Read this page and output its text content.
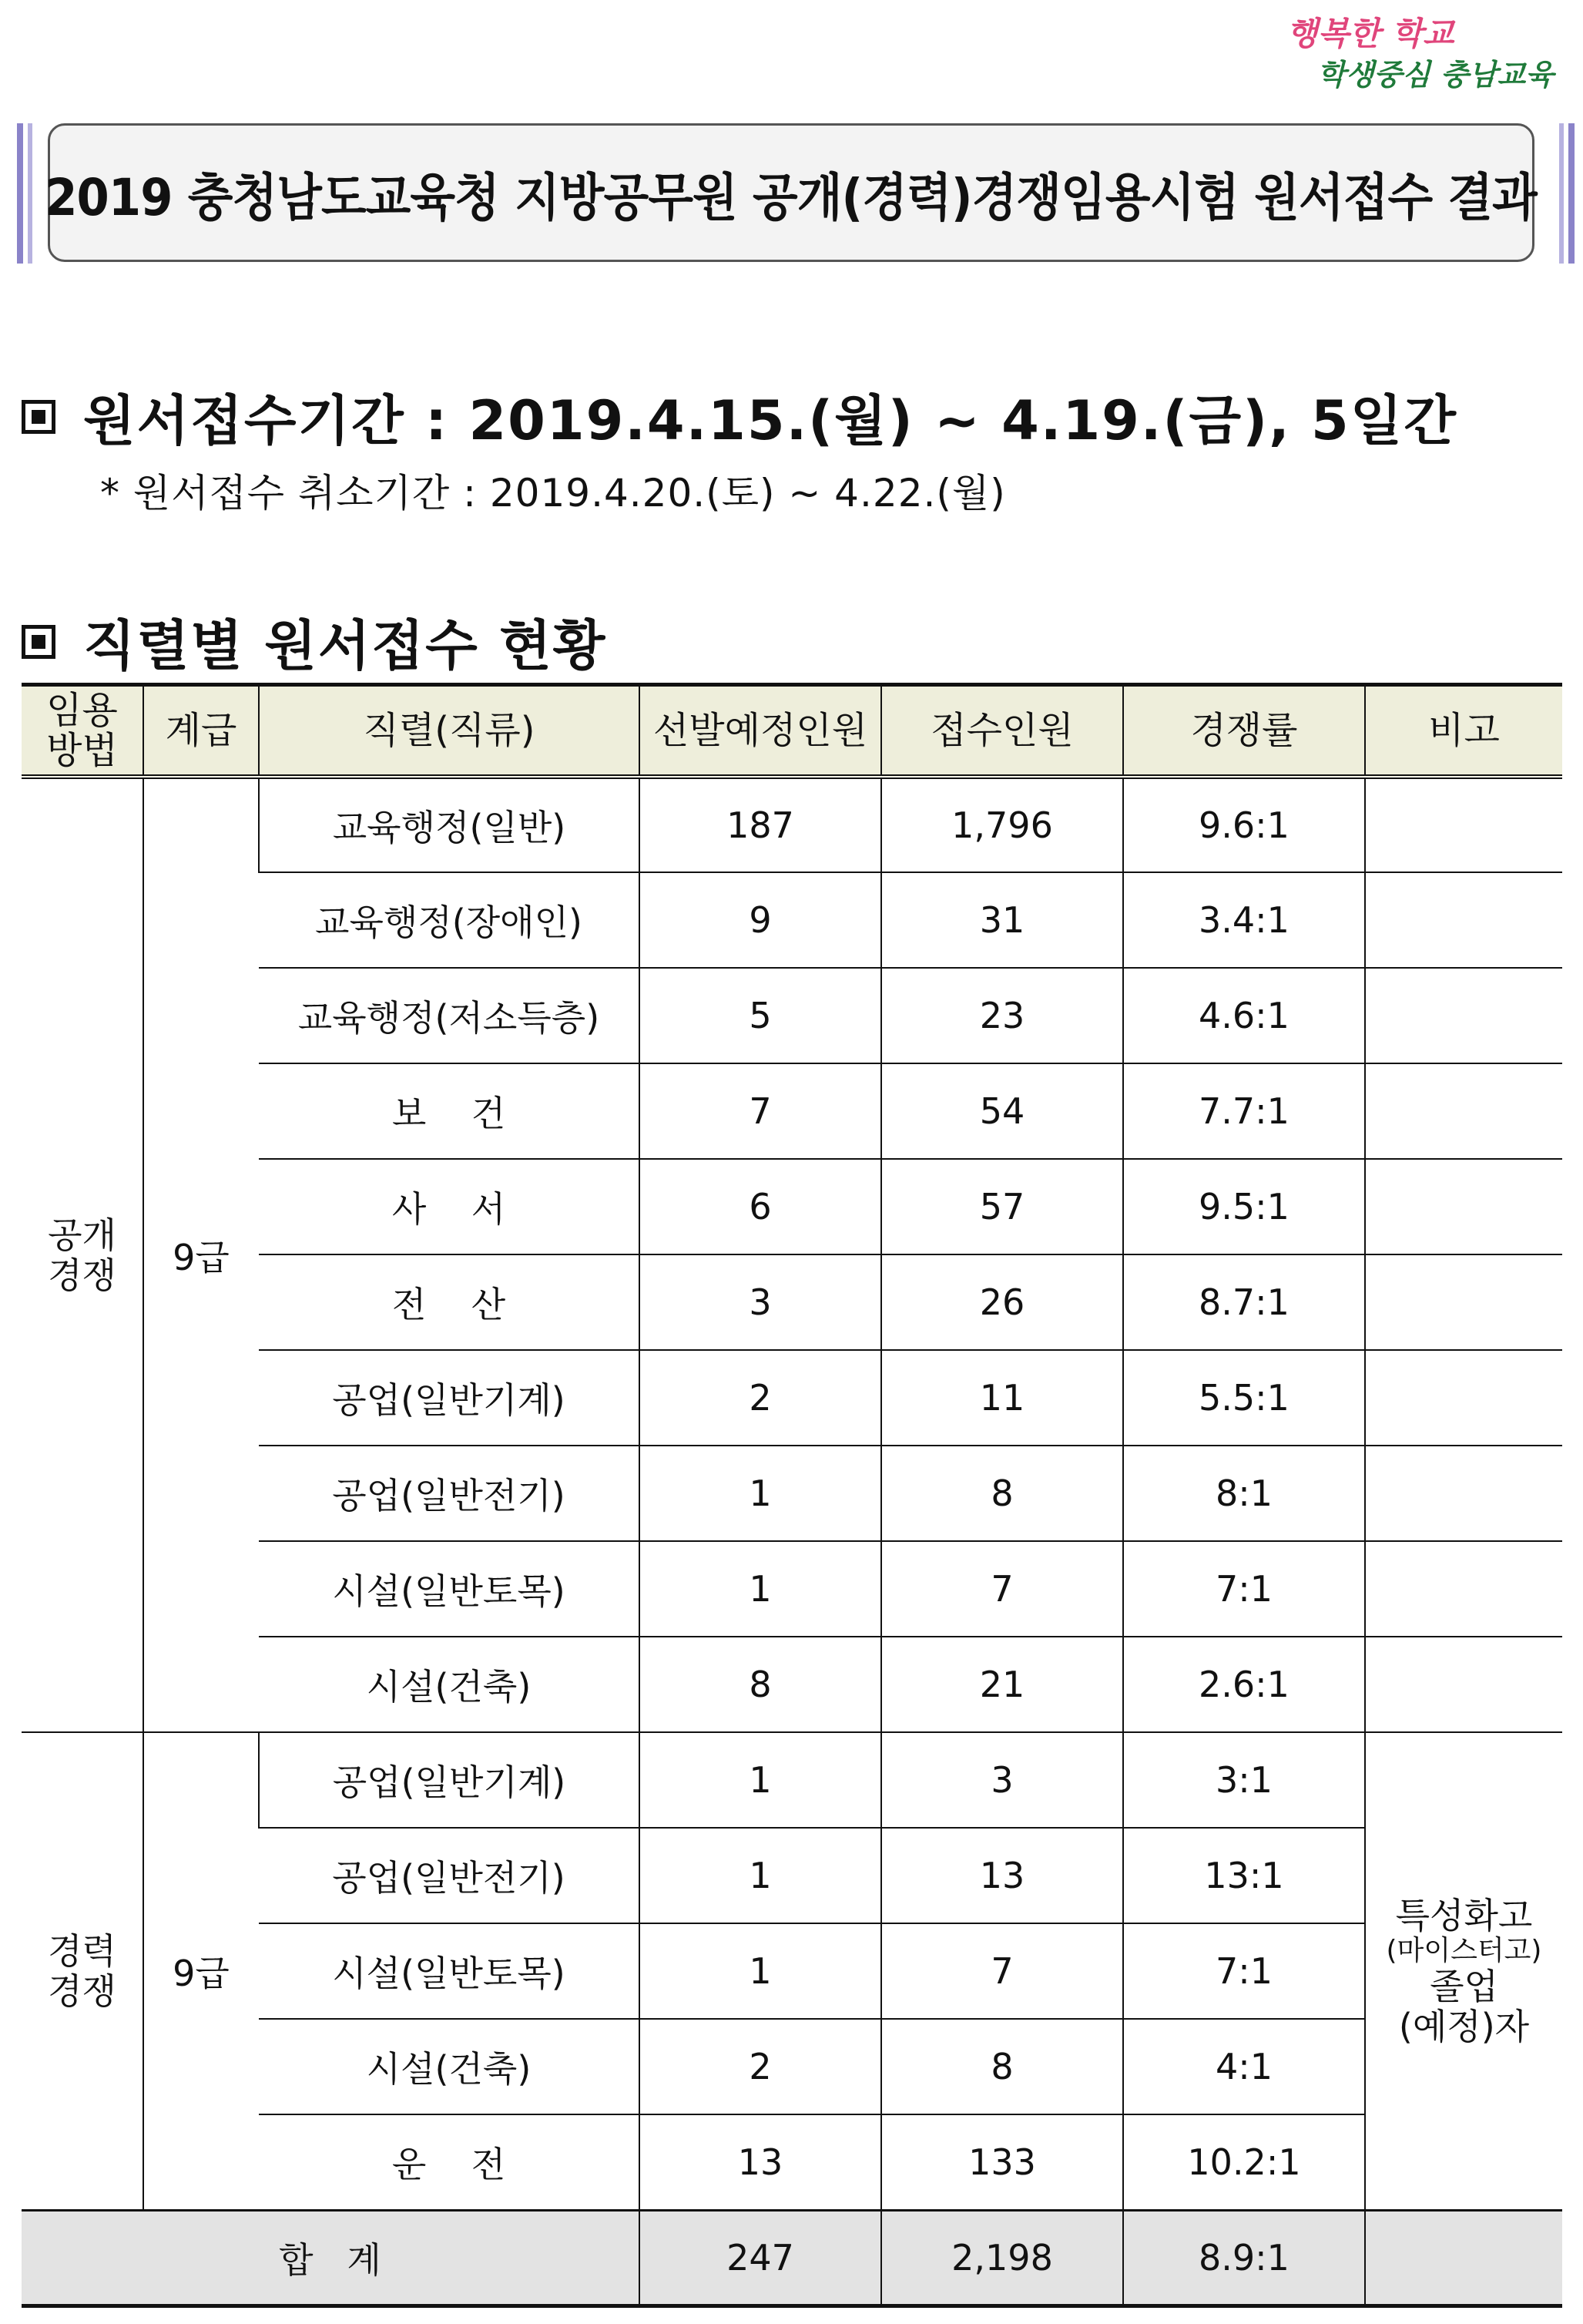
행복한 학교
학생중심 충남교육
2019 충청남도교육청 지방공무원 공개(경력)경쟁임용시험 원서접수 결과
원서접수기간 : 2019.4.15.(월) ~ 4.19.(금), 5일간
* 원서접수 취소기간 : 2019.4.20.(토) ~ 4.22.(월)
직렬별 원서접수 현황
임용
방법	계급	직렬(직류)	선발예정인원	접수인원	경쟁률	비고
공개
경쟁	9급	교육행정(일반)	187	1,796	9.6:1	
		교육행정(장애인)	9	31	3.4:1	
		교육행정(저소득층)	5	23	4.6:1	
		보    건	7	54	7.7:1	
		사    서	6	57	9.5:1	
		전    산	3	26	8.7:1	
		공업(일반기계)	2	11	5.5:1	
		공업(일반전기)	1	8	8:1	
		시설(일반토목)	1	7	7:1	
		시설(건축)	8	21	2.6:1	
경력
경쟁	9급	공업(일반기계)	1	3	3:1	특성화고
(마이스터고)
졸업
(예정)자

		공업(일반전기)	1	13	13:1	
		시설(일반토목)	1	7	7:1	
		시설(건축)	2	8	4:1	
		운    전	13	133	10.2:1	
합   계			247	2,198	8.9:1	
